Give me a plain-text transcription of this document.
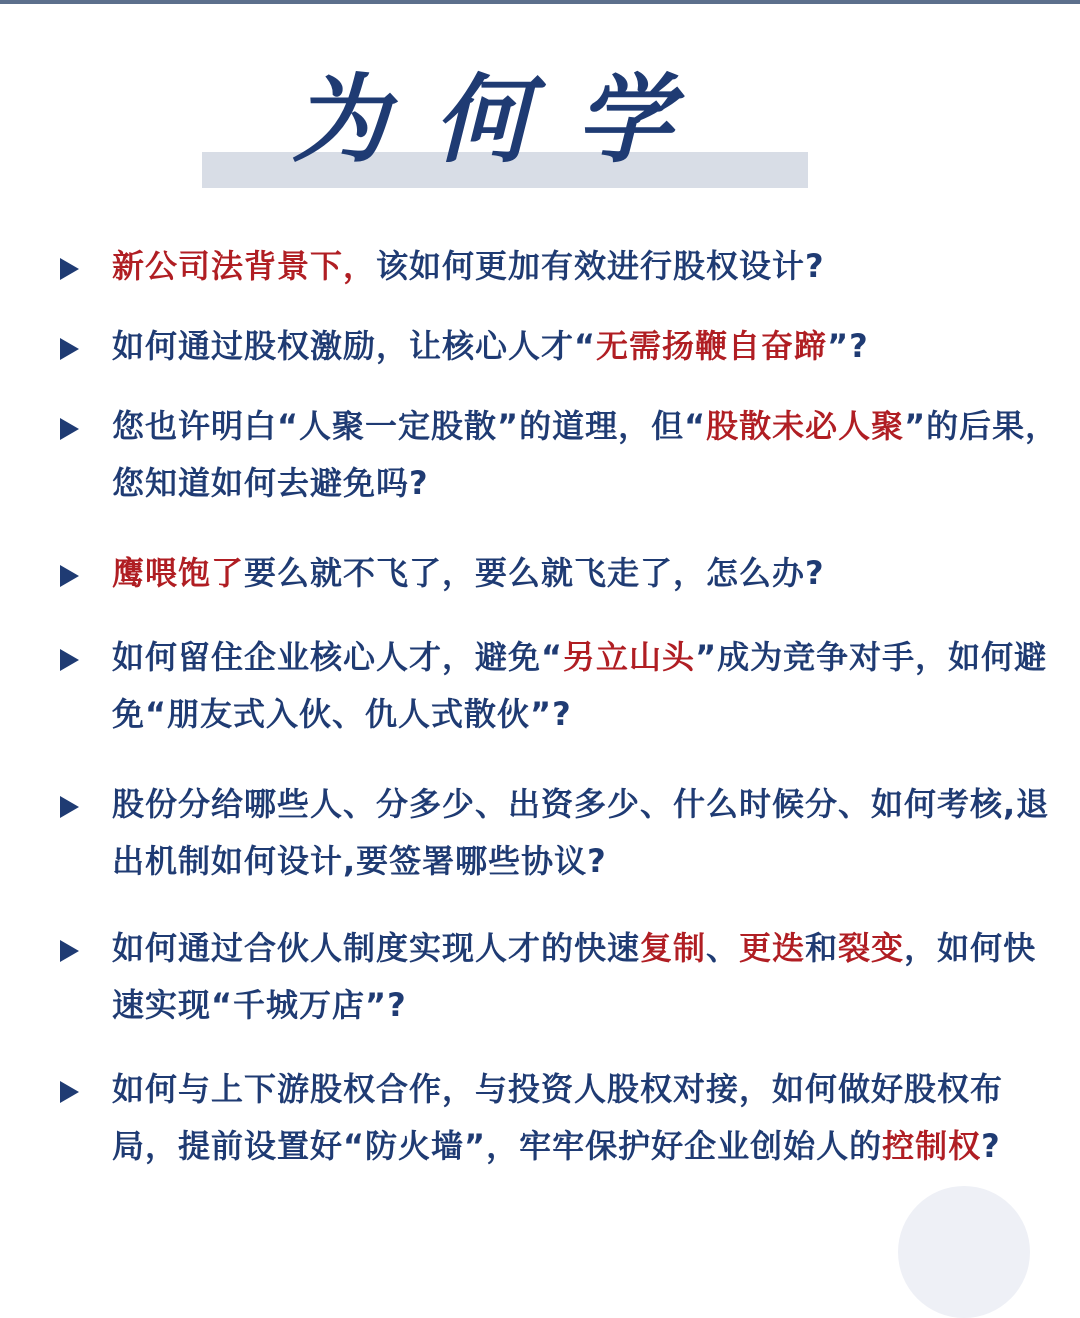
为何学
新公司法背景下，该如何更加有效进行股权设计?
如何通过股权激励，让核心人才“无需扬鞭自奋蹄”?
您也许明白“人聚一定股散”的道理，但“股散未必人聚”的后果，您知道如何去避免吗?
鹰喂饱了要么就不飞了，要么就飞走了，怎么办?
如何留住企业核心人才，避免“另立山头”成为竞争对手，如何避免“朋友式入伙、仇人式散伙”?
股份分给哪些人、分多少、出资多少、什么时候分、如何考核,退出机制如何设计,要签署哪些协议?
如何通过合伙人制度实现人才的快速复制、更迭和裂变，如何快速实现“千城万店”?
如何与上下游股权合作，与投资人股权对接，如何做好股权布局，提前设置好“防火墙”，牢牢保护好企业创始人的控制权?
